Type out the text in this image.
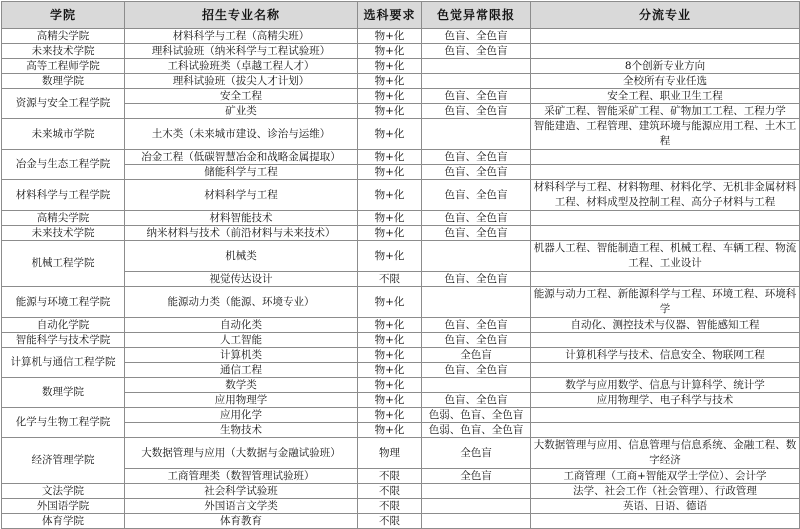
学院	招生专业名称	选科要求	色觉异常限报	分流专业
高精尖学院	材料科学与工程（高精尖班）	物+化	色盲、全色盲	
未来技术学院	理科试验班（纳米科学与工程试验班）	物+化	色盲、全色盲	
高等工程师学院	工科试验班类（卓越工程人才）	物+化		8个创新专业方向
数理学院	理科试验班（拔尖人才计划）	物+化		全校所有专业任选
资源与安全工程学院	安全工程	物+化	色盲、全色盲	安全工程、职业卫生工程
	矿业类	物+化	色盲、全色盲	采矿工程、智能采矿工程、矿物加工工程、工程力学
未来城市学院	土木类（未来城市建设、诊治与运维）	物+化		智能建造、工程管理、建筑环境与能源应用工程、土木工程
冶金与生态工程学院	冶金工程（低碳智慧冶金和战略金属提取）	物+化	色盲、全色盲	
	储能科学与工程	物+化	色盲、全色盲	
材料科学与工程学院	材料科学与工程	物+化	色盲、全色盲	材料科学与工程、材料物理、材料化学、无机非金属材料工程、材料成型及控制工程、高分子材料与工程
高精尖学院	材料智能技术	物+化	色盲、全色盲	
未来技术学院	纳米材料与技术（前沿材料与未来技术）	物+化	色盲、全色盲	
机械工程学院	机械类	物+化		机器人工程、智能制造工程、机械工程、车辆工程、物流工程、工业设计
	视觉传达设计	不限	色盲、全色盲	
能源与环境工程学院	能源动力类（能源、环境专业）	物+化		能源与动力工程、新能源科学与工程、环境工程、环境科学
自动化学院	自动化类	物+化	色盲、全色盲	自动化、测控技术与仪器、智能感知工程
智能科学与技术学院	人工智能	物+化	色盲、全色盲	
计算机与通信工程学院	计算机类	物+化	全色盲	计算机科学与技术、信息安全、物联网工程
	通信工程	物+化	色盲、全色盲	
数理学院	数学类	物+化		数学与应用数学、信息与计算科学、统计学
	应用物理学	物+化	色盲、全色盲	应用物理学、电子科学与技术
化学与生物工程学院	应用化学	物+化	色弱、色盲、全色盲	
	生物技术	物+化	色弱、色盲、全色盲	
经济管理学院	大数据管理与应用（大数据与金融试验班）	物理	全色盲	大数据管理与应用、信息管理与信息系统、金融工程、数字经济
	工商管理类（数智管理试验班）	不限	全色盲	工商管理（工商+智能双学士学位）、会计学
文法学院	社会科学试验班	不限		法学、社会工作（社会管理）、行政管理
外国语学院	外国语言文学类	不限		英语、日语、德语
体育学院	体育教育	不限		
